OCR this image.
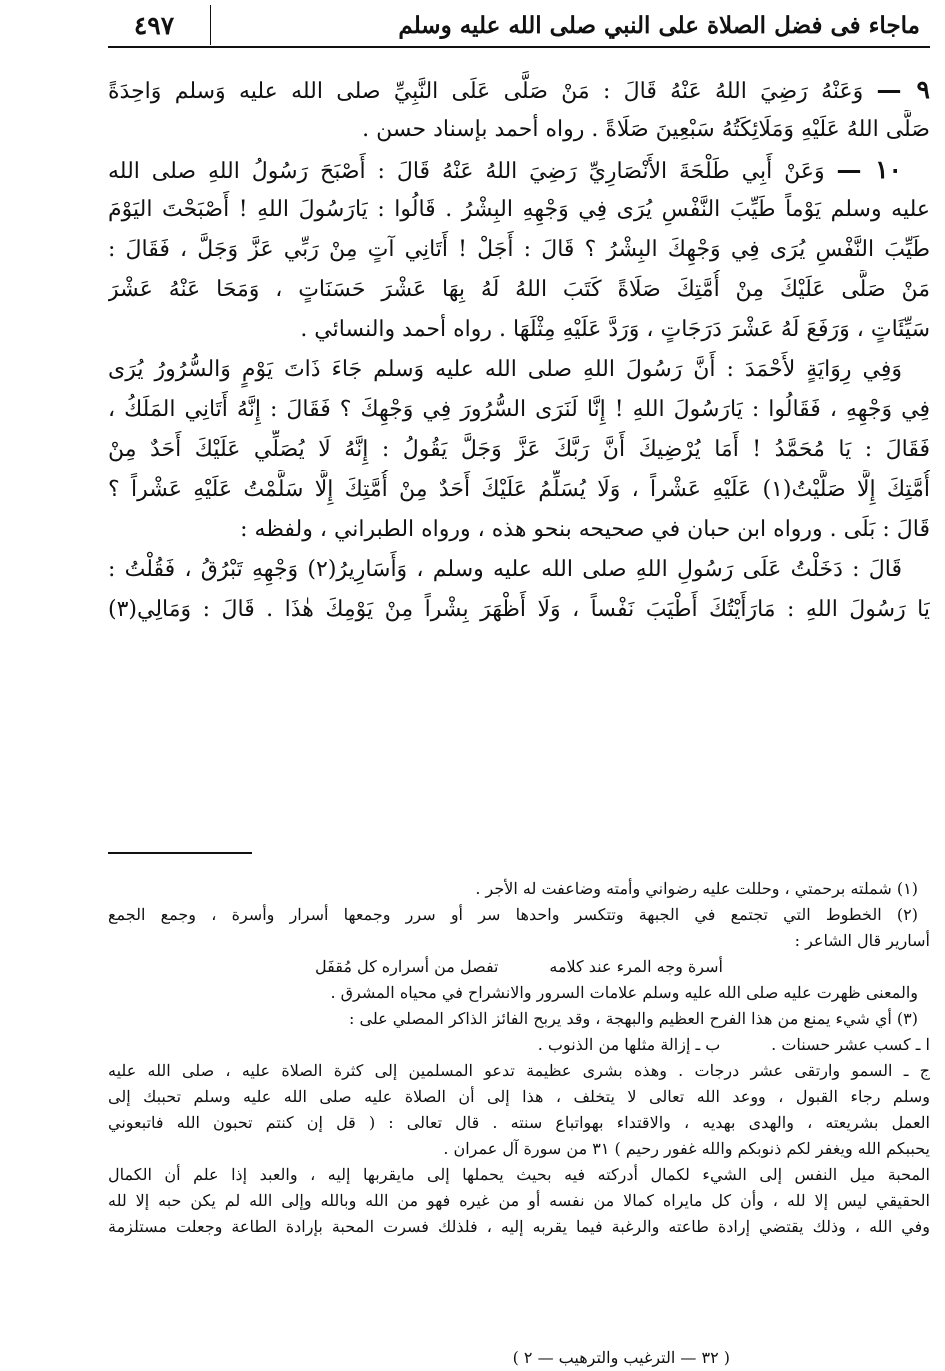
ماجاء فى فضل الصلاة على النبي صلى الله عليه وسلم
٤٩٧
٩ — وَعَنْهُ رَضِيَ اللهُ عَنْهُ قَالَ : مَنْ صَلَّى عَلَى النَّبِيِّ صلى الله عليه وَسلم وَاحِدَةً
صَلَّى اللهُ عَلَيْهِ وَمَلَائِكَتُهُ سَبْعِينَ صَلَاةً . رواه أحمد بإسناد حسن .
١٠ — وَعَنْ أَبِي طَلْحَةَ الأَنْصَارِيِّ رَضِيَ اللهُ عَنْهُ قَالَ : أَصْبَحَ رَسُولُ اللهِ صلى الله
عليه وسلم يَوْماً طَيِّبَ النَّفْسِ يُرَى فِي وَجْهِهِ البِشْرُ . قَالُوا : يَارَسُولَ اللهِ ! أَصْبَحْتَ اليَوْمَ
طَيِّبَ النَّفْسِ يُرَى فِي وَجْهِكَ البِشْرُ ؟ قَالَ : أَجَلْ ! أَتَانِي آتٍ مِنْ رَبِّي عَزَّ وَجَلَّ ، فَقَالَ :
مَنْ صَلَّى عَلَيْكَ مِنْ أُمَّتِكَ صَلَاةً كَتَبَ اللهُ لَهُ بِهَا عَشْرَ حَسَنَاتٍ ، وَمَحَا عَنْهُ عَشْرَ
سَيِّئَاتٍ ، وَرَفَعَ لَهُ عَشْرَ دَرَجَاتٍ ، وَرَدَّ عَلَيْهِ مِثْلَهَا . رواه أحمد والنسائي .
وَفِي رِوَايَةٍ لأَحْمَدَ : أَنَّ رَسُولَ اللهِ صلى الله عليه وَسلم جَاءَ ذَاتَ يَوْمٍ وَالسُّرُورُ يُرَى
فِي وَجْهِهِ ، فَقَالُوا : يَارَسُولَ اللهِ ! إِنَّا لَنَرَى السُّرُورَ فِي وَجْهِكَ ؟ فَقَالَ : إِنَّهُ أَتَانِي المَلَكُ ،
فَقَالَ : يَا مُحَمَّدُ ! أَمَا يُرْضِيكَ أَنَّ رَبَّكَ عَزَّ وَجَلَّ يَقُولُ : إِنَّهُ لَا يُصَلِّي عَلَيْكَ أَحَدٌ مِنْ
أُمَّتِكَ إِلَّا صَلَّيْتُ(١) عَلَيْهِ عَشْراً ، وَلَا يُسَلِّمُ عَلَيْكَ أَحَدٌ مِنْ أُمَّتِكَ إِلَّا سَلَّمْتُ عَلَيْهِ عَشْراً ؟
قَالَ : بَلَى . ورواه ابن حبان في صحيحه بنحو هذه ، ورواه الطبراني ، ولفظه :
قَالَ : دَخَلْتُ عَلَى رَسُولِ اللهِ صلى الله عليه وسلم ، وَأَسَارِيرُ(٢) وَجْهِهِ تَبْرُقُ ، فَقُلْتُ :
يَا رَسُولَ اللهِ : مَارَأَيْتُكَ أَطْيَبَ نَفْساً ، وَلَا أَظْهَرَ بِشْراً مِنْ يَوْمِكَ هٰذَا . قَالَ : وَمَالِي(٣)
(١) شملته برحمتي ، وحللت عليه رضواني وأمته وضاعفت له الأجر .
(٢) الخطوط التي تجتمع في الجبهة وتتكسر واحدها سر أو سرر وجمعها أسرار وأسرة ، وجمع الجمع
أسارير قال الشاعر :
أسرة وجه المرء عند كلامه          تفصل من أسراره كل مُقفَل
والمعنى ظهرت عليه صلى الله عليه وسلم علامات السرور والانشراح في محياه المشرق .
(٣) أي شيء يمنع من هذا الفرح العظيم والبهجة ، وقد يربح الفائز الذاكر المصلي على :
ا ـ كسب عشر حسنات .          ب ـ إزالة مثلها من الذنوب .
ج ـ السمو وارتقى عشر درجات . وهذه بشرى عظيمة تدعو المسلمين إلى كثرة الصلاة عليه ، صلى الله عليه
وسلم رجاء القبول ، ووعد الله تعالى لا يتخلف ، هذا إلى أن الصلاة عليه صلى الله عليه وسلم تحببك إلى
العمل بشريعته ، والهدى بهديه ، والاقتداء بهواتباع سنته . قال تعالى : ( قل إن كنتم تحبون الله فاتبعوني
يحببكم الله ويغفر لكم ذنوبكم والله غفور رحيم ) ٣١ من سورة آل عمران .
المحبة ميل النفس إلى الشيء لكمال أدركته فيه بحيث يحملها إلى مايقربها إليه ، والعبد إذا علم أن الكمال
الحقيقي ليس إلا لله ، وأن كل مايراه كمالا من نفسه أو من غيره فهو من الله وبالله وإلى الله لم يكن حبه إلا لله
وفي الله ، وذلك يقتضي إرادة طاعته والرغبة فيما يقربه إليه ، فلذلك فسرت المحبة بإرادة الطاعة وجعلت مستلزمة
( ٣٢ — الترغيب والترهيب — ٢ )
